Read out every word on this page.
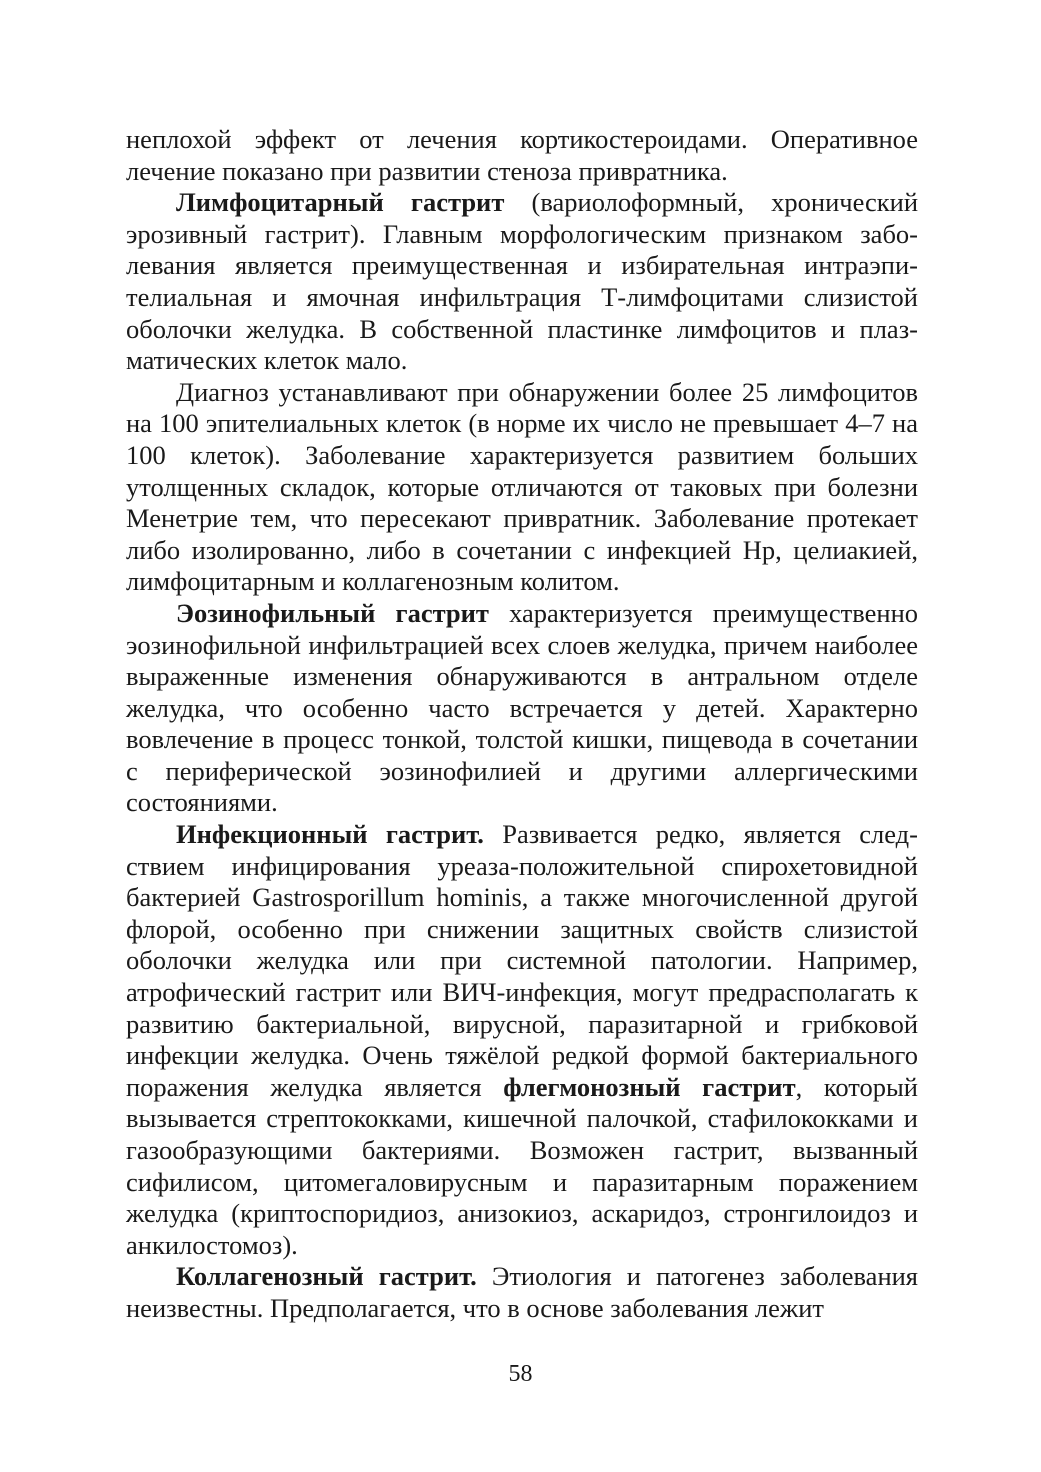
неплохой эффект от лечения кортикостероидами. Оперативное лечение показано при развитии стеноза привратника.

Лимфоцитарный гастрит (вариолоформный, хронический эрозивный гастрит). Главным морфологическим признаком заболевания является преимущественная и избирательная интраэпителиальная и ямочная инфильтрация Т-лимфоцитами слизистой оболочки желудка. В собственной пластинке лимфоцитов и плазматических клеток мало.

Диагноз устанавливают при обнаружении более 25 лимфоцитов на 100 эпителиальных клеток (в норме их число не превышает 4–7 на 100 клеток). Заболевание характеризуется развитием больших утолщенных складок, которые отличаются от таковых при болезни Менетрие тем, что пересекают привратник. Заболевание протекает либо изолированно, либо в сочетании с инфекцией Hp, целиакией, лимфоцитарным и коллагенозным колитом.

Эозинофильный гастрит характеризуется преимущественно эозинофильной инфильтрацией всех слоев желудка, причем наиболее выраженные изменения обнаруживаются в антральном отделе желудка, что особенно часто встречается у детей. Характерно вовлечение в процесс тонкой, толстой кишки, пищевода в сочетании с периферической эозинофилией и другими аллергическими состояниями.

Инфекционный гастрит. Развивается редко, является следствием инфицирования уреаза-положительной спирохетовидной бактерией Gastrosporillum hominis, а также многочисленной другой флорой, особенно при снижении защитных свойств слизистой оболочки желудка или при системной патологии. Например, атрофический гастрит или ВИЧ-инфекция, могут предрасполагать к развитию бактериальной, вирусной, паразитарной и грибковой инфекции желудка. Очень тяжёлой редкой формой бактериального поражения желудка является флегмонозный гастрит, который вызывается стрептококками, кишечной палочкой, стафилококками и газообразующими бактериями. Возможен гастрит, вызванный сифилисом, цитомегаловирусным и паразитарным поражением желудка (криптоспоридиоз, анизокиоз, аскаридоз, стронгилоидоз и анкилостомоз).

Коллагенозный гастрит. Этиология и патогенез заболевания неизвестны. Предполагается, что в основе заболевания лежит

58
